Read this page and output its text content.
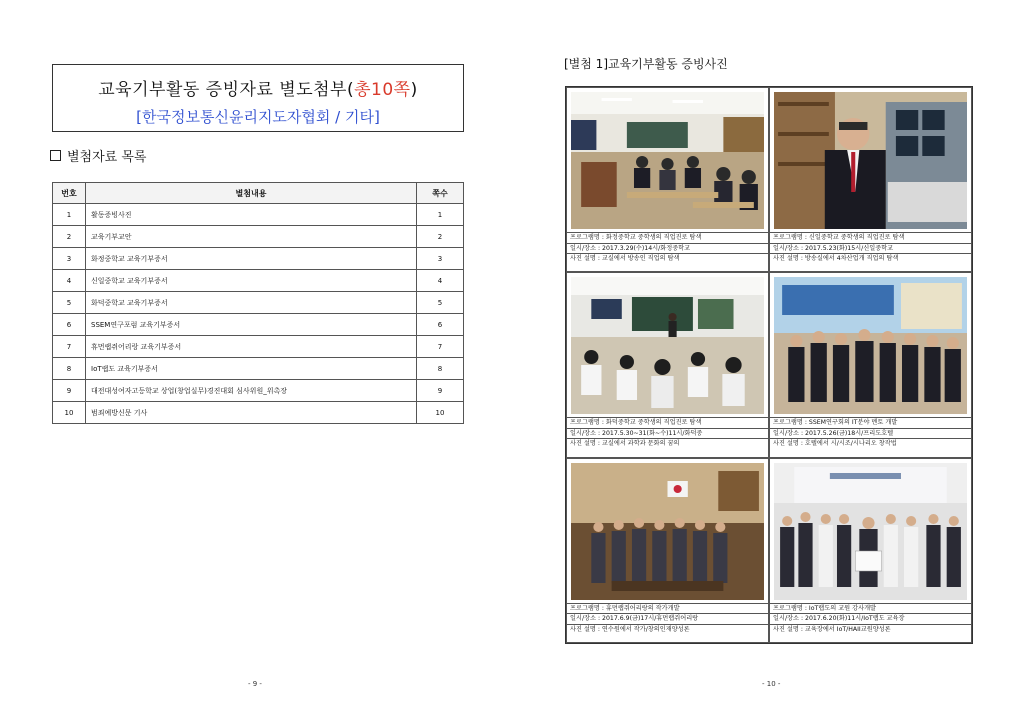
교육기부활동 증빙자료 별도첨부(총10쪽)
[한국정보통신윤리지도자협회 / 기타]
별첨자료 목록
번호	별첨내용	쪽수
1	활동증빙사진	1
2	교육기부교안	2
3	화정중학교 교육기부증서	3
4	신일중학교 교육기부증서	4
5	화덕중학교 교육기부증서	5
6	SSEM연구포럼 교육기부증서	6
7	휴먼랩쥐어리랑 교육기부증서	7
8	IoT랩도 교육기부증서	8
9	대전대성여자고등학교 상업(창업실무)경진대회 심사위원_위촉장	9
10	범죄예방신문 기사	10
- 9 -
[별첨 1]교육기부활동 증빙사진
프로그램명 : 화정중학교 중학생의 직업진로 탐색
일시/장소 : 2017.3.29(수)14시/화정중학교
사진 설명 : 교실에서 방송인 직업의 탐색
프로그램명 : 신일중학교 중학생의 직업진로 탐색
일시/장소 : 2017.5.23(화)15시/신일중학교
사진 설명 : 방송실에서 4차산업개 직업의 탐색
프로그램명 : 화덕중학교 중학생의 직업진로 탐색
일시/장소 : 2017.5.30~31(화~수)11시/화덕중
사진 설명 : 교실에서 과학과 문화의 꿈의
프로그램명 : SSEM연구회의 IT분야 멘토 개발
일시/장소 : 2017.5.26(금)18시/프리도호텔
사진 설명 : 호텔에서 시/시조/시나리오 창작법
프로그램명 : 휴먼랩쥐어리랑의 작가개발
일시/장소 : 2017.6.9(금)17시/휴먼랩쥐어리랑
사진 설명 : 연수원에서 작가/창의인재양성론
프로그램명 : IoT랩도의 교원 강사개발
일시/장소 : 2017.6.20(화)11시/IoT랩도 교육장
사진 설명 : 교육장에서 IoT/HAII교원양성론
- 10 -
